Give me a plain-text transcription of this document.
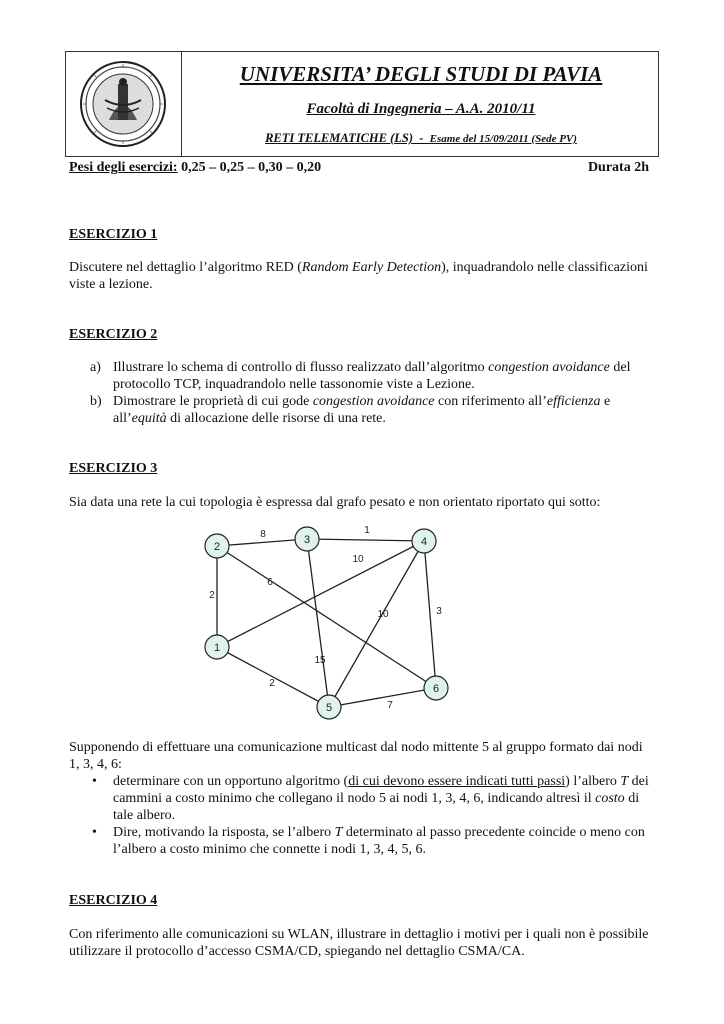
UNIVERSITA’ DEGLI STUDI DI PAVIA
Facoltà di Ingegneria – A.A. 2010/11
RETI TELEMATICHE (LS)  -  Esame del 15/09/2011 (Sede PV)
Pesi degli esercizi: 0,25 – 0,25 – 0,30 – 0,20	Durata 2h
ESERCIZIO 1
Discutere nel dettaglio l’algoritmo RED (Random Early Detection), inquadrandolo nelle classificazioni viste a lezione.
ESERCIZIO 2
a) Illustrare lo schema di controllo di flusso realizzato dall’algoritmo congestion avoidance del protocollo TCP, inquadrandolo nelle tassonomie viste a Lezione.
b) Dimostrare le proprietà di cui gode congestion avoidance con riferimento all’efficienza e all’equità di allocazione delle risorse di una rete.
ESERCIZIO 3
Sia data una rete la cui topologia è espressa dal grafo pesato e non orientato riportato qui sotto:
8	1
2
6
10
10	3
15
2
7
1
2
3	4
5
6
Supponendo di effettuare una comunicazione multicast dal nodo mittente 5 al gruppo formato dai nodi 1, 3, 4, 6:
• determinare con un opportuno algoritmo (di cui devono essere indicati tutti passi) l’albero T dei cammini a costo minimo che collegano il nodo 5 ai nodi 1, 3, 4, 6, indicando altresì il costo di tale albero.
• Dire, motivando la risposta, se l’albero T determinato al passo precedente coincide o meno con l’albero a costo minimo che connette i nodi 1, 3, 4, 5, 6.
ESERCIZIO 4
Con riferimento alle comunicazioni su WLAN, illustrare in dettaglio i motivi per i quali non è possibile utilizzare il protocollo d’accesso CSMA/CD, spiegando nel dettaglio CSMA/CA.
